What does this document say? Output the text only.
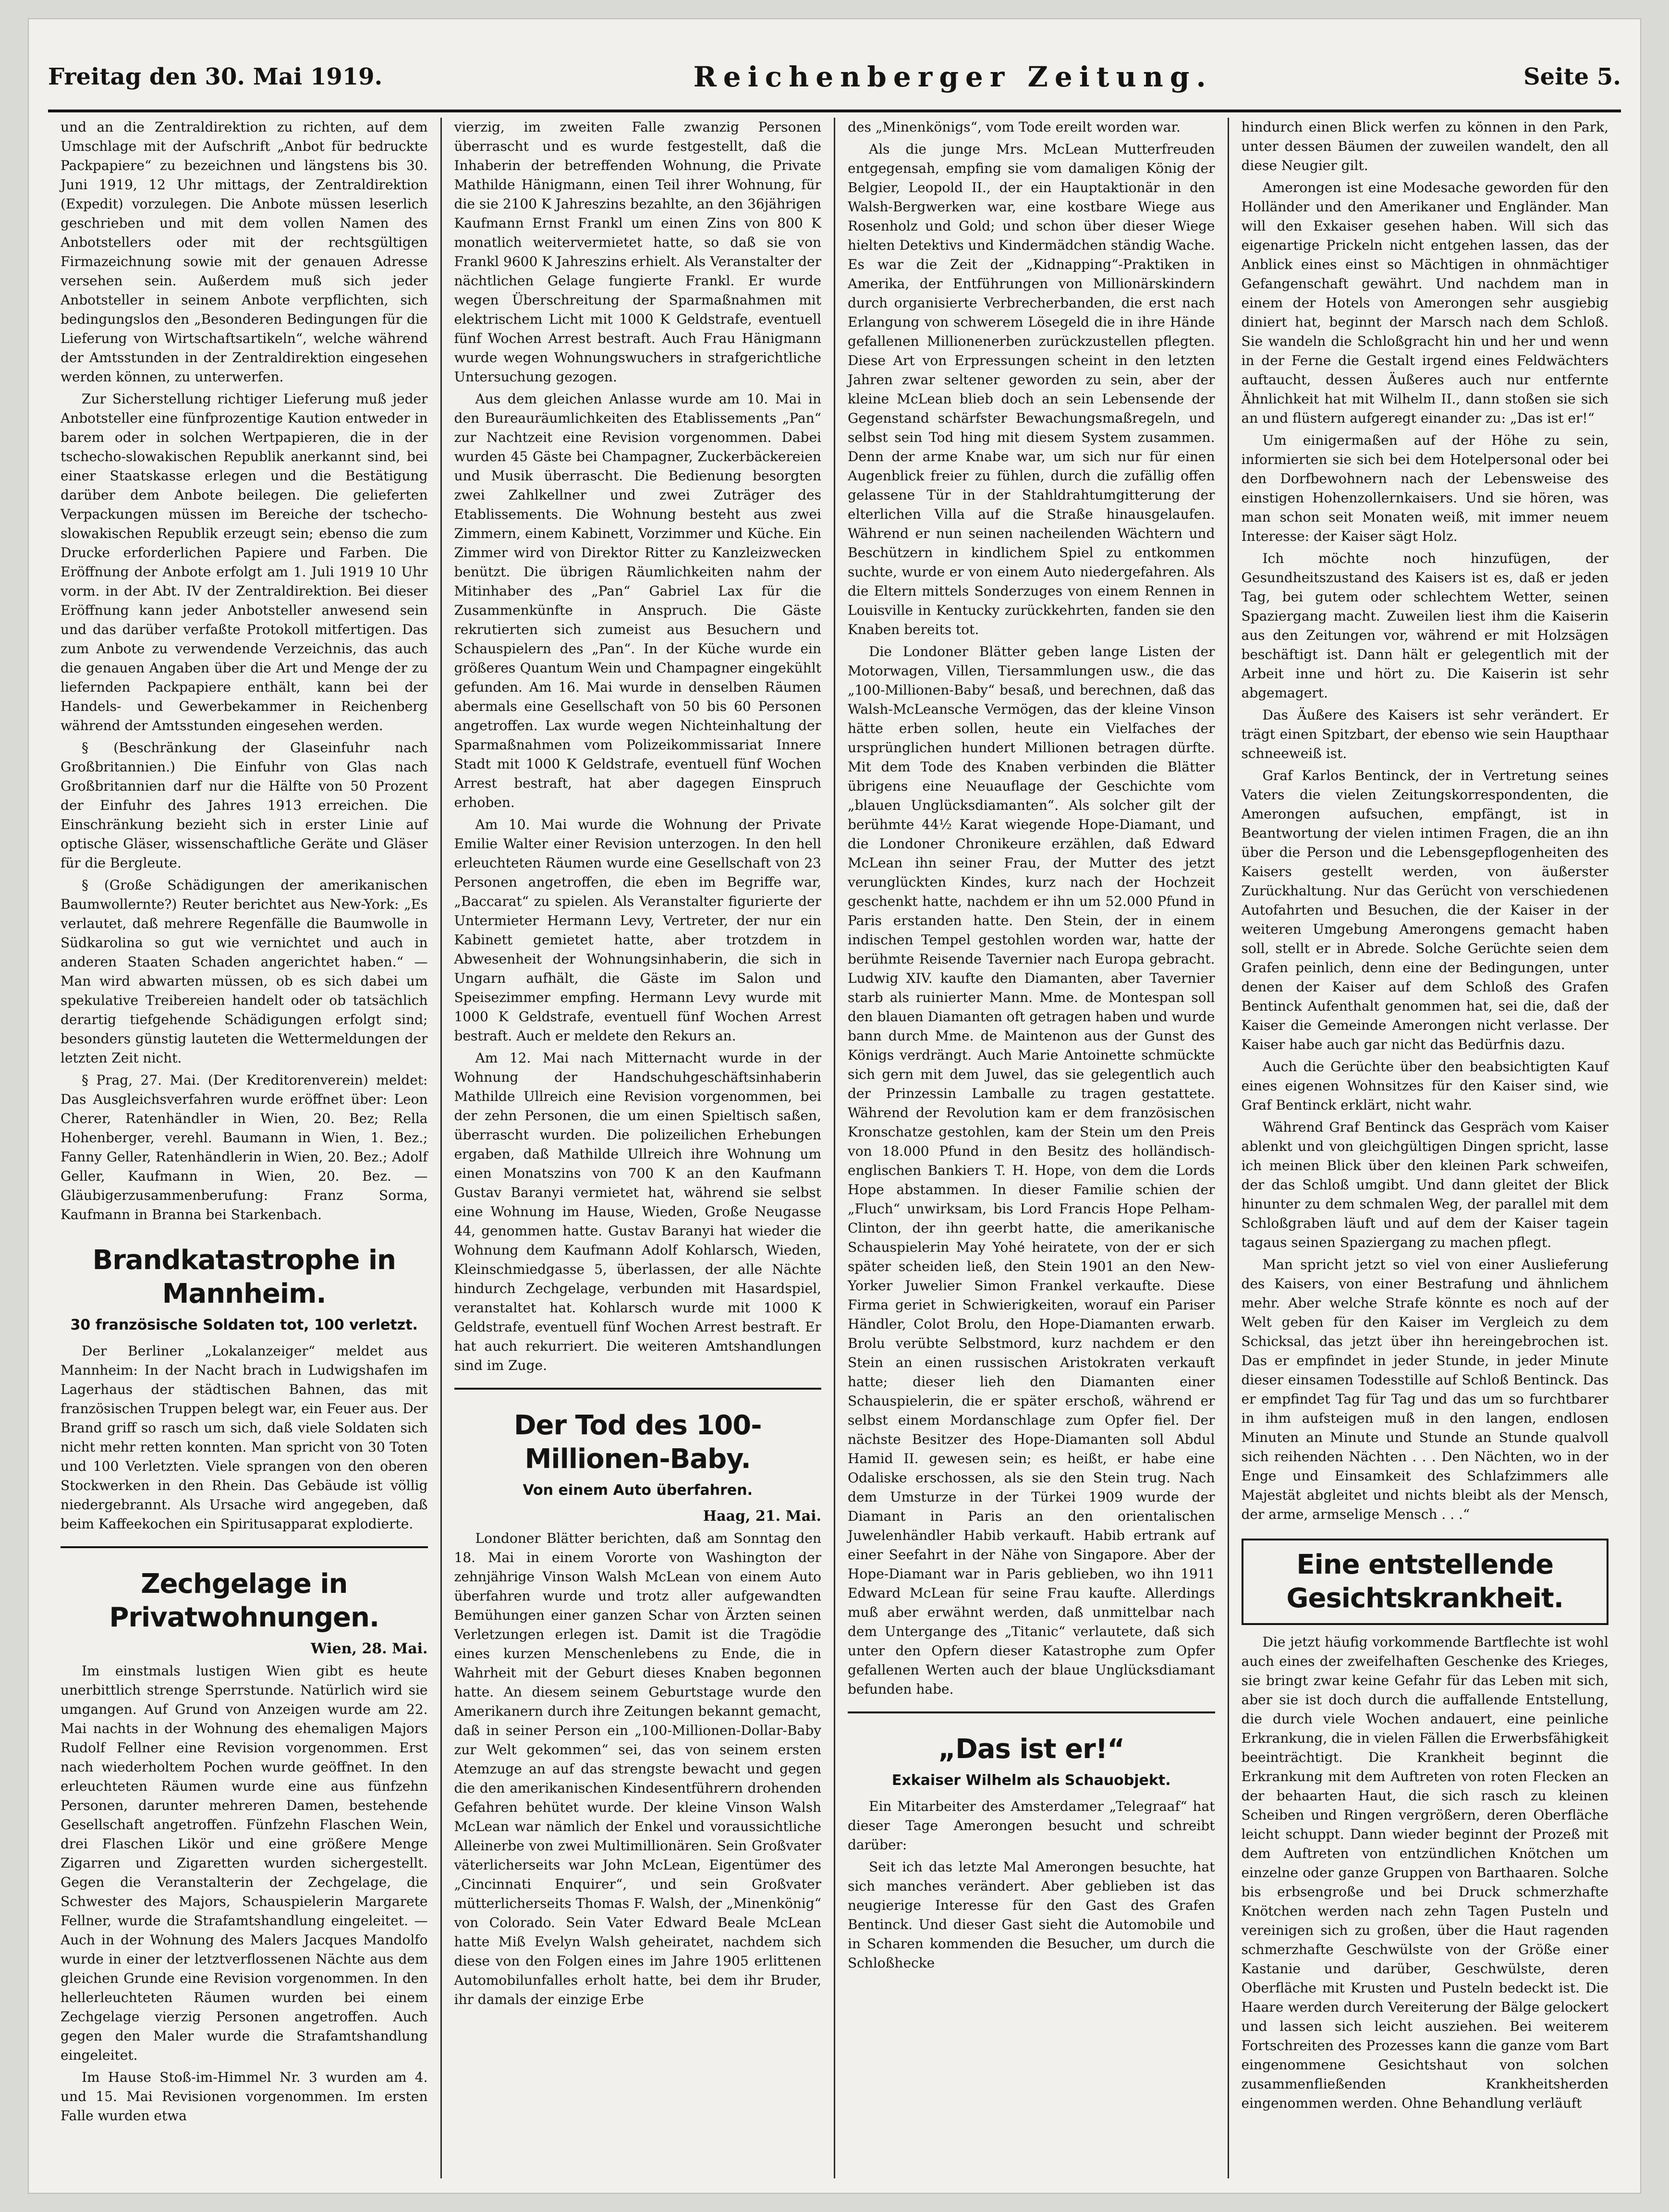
Freitag den 30. Mai 1919.	Reichenberger Zeitung.	Seite 5.

und an die Zentraldirektion zu richten, auf dem Umschlage mit der Aufschrift „Anbot für bedruckte Packpapiere“ zu bezeichnen und längstens bis 30. Juni 1919, 12 Uhr mittags, der Zentraldirektion (Expedit) vorzulegen. Die Anbote müssen leserlich geschrieben und mit dem vollen Namen des Anbotstellers oder mit der rechtsgültigen Firmazeichnung sowie mit der genauen Adresse versehen sein. Außerdem muß sich jeder Anbotsteller in seinem Anbote verpflichten, sich bedingungslos den „Besonderen Bedingungen für die Lieferung von Wirtschaftsartikeln“, welche während der Amtsstunden in der Zentraldirektion eingesehen werden können, zu unterwerfen.

Zur Sicherstellung richtiger Lieferung muß jeder Anbotsteller eine fünfprozentige Kaution entweder in barem oder in solchen Wertpapieren, die in der tschecho-slowakischen Republik anerkannt sind, bei einer Staatskasse erlegen und die Bestätigung darüber dem Anbote beilegen. Die gelieferten Verpackungen müssen im Bereiche der tschecho-slowakischen Republik erzeugt sein; ebenso die zum Drucke erforderlichen Papiere und Farben. Die Eröffnung der Anbote erfolgt am 1. Juli 1919 10 Uhr vorm. in der Abt. IV der Zentraldirektion. Bei dieser Eröffnung kann jeder Anbotsteller anwesend sein und das darüber verfaßte Protokoll mitfertigen. Das zum Anbote zu verwendende Verzeichnis, das auch die genauen Angaben über die Art und Menge der zu liefernden Packpapiere enthält, kann bei der Handels- und Gewerbekammer in Reichenberg während der Amtsstunden eingesehen werden.

§ (Beschränkung der Glaseinfuhr nach Großbritannien.) Die Einfuhr von Glas nach Großbritannien darf nur die Hälfte von 50 Prozent der Einfuhr des Jahres 1913 erreichen. Die Einschränkung bezieht sich in erster Linie auf optische Gläser, wissenschaftliche Geräte und Gläser für die Bergleute.

§ (Große Schädigungen der amerikanischen Baumwollernte?) Reuter berichtet aus New-York: „Es verlautet, daß mehrere Regenfälle die Baumwolle in Südkarolina so gut wie vernichtet und auch in anderen Staaten Schaden angerichtet haben.“ — Man wird abwarten müssen, ob es sich dabei um spekulative Treibereien handelt oder ob tatsächlich derartig tiefgehende Schädigungen erfolgt sind; besonders günstig lauteten die Wettermeldungen der letzten Zeit nicht.

§ Prag, 27. Mai. (Der Kreditorenverein) meldet: Das Ausgleichsverfahren wurde eröffnet über: Leon Cherer, Ratenhändler in Wien, 20. Bez; Rella Hohenberger, verehl. Baumann in Wien, 1. Bez.; Fanny Geller, Ratenhändlerin in Wien, 20. Bez.; Adolf Geller, Kaufmann in Wien, 20. Bez. — Gläubigerzusammenberufung: Franz Sorma, Kaufmann in Branna bei Starkenbach.

Brandkatastrophe in Mannheim.
30 französische Soldaten tot, 100 verletzt.

Der Berliner „Lokalanzeiger“ meldet aus Mannheim: In der Nacht brach in Ludwigshafen im Lagerhaus der städtischen Bahnen, das mit französischen Truppen belegt war, ein Feuer aus. Der Brand griff so rasch um sich, daß viele Soldaten sich nicht mehr retten konnten. Man spricht von 30 Toten und 100 Verletzten. Viele sprangen von den oberen Stockwerken in den Rhein. Das Gebäude ist völlig niedergebrannt. Als Ursache wird angegeben, daß beim Kaffeekochen ein Spiritusapparat explodierte.

Zechgelage in Privatwohnungen.
Wien, 28. Mai.

Im einstmals lustigen Wien gibt es heute unerbittlich strenge Sperrstunde. Natürlich wird sie umgangen. Auf Grund von Anzeigen wurde am 22. Mai nachts in der Wohnung des ehemaligen Majors Rudolf Fellner eine Revision vorgenommen. Erst nach wiederholtem Pochen wurde geöffnet. In den erleuchteten Räumen wurde eine aus fünfzehn Personen, darunter mehreren Damen, bestehende Gesellschaft angetroffen. Fünfzehn Flaschen Wein, drei Flaschen Likör und eine größere Menge Zigarren und Zigaretten wurden sichergestellt. Gegen die Veranstalterin der Zechgelage, die Schwester des Majors, Schauspielerin Margarete Fellner, wurde die Strafamtshandlung eingeleitet. — Auch in der Wohnung des Malers Jacques Mandolfo wurde in einer der letztverflossenen Nächte aus dem gleichen Grunde eine Revision vorgenommen. In den hellerleuchteten Räumen wurden bei einem Zechgelage vierzig Personen angetroffen. Auch gegen den Maler wurde die Strafamtshandlung eingeleitet.

Im Hause Stoß-im-Himmel Nr. 3 wurden am 4. und 15. Mai Revisionen vorgenommen. Im ersten Falle wurden etwa

vierzig, im zweiten Falle zwanzig Personen überrascht und es wurde festgestellt, daß die Inhaberin der betreffenden Wohnung, die Private Mathilde Hänigmann, einen Teil ihrer Wohnung, für die sie 2100 K Jahreszins bezahlte, an den 36jährigen Kaufmann Ernst Frankl um einen Zins von 800 K monatlich weitervermietet hatte, so daß sie von Frankl 9600 K Jahreszins erhielt. Als Veranstalter der nächtlichen Gelage fungierte Frankl. Er wurde wegen Überschreitung der Sparmaßnahmen mit elektrischem Licht mit 1000 K Geldstrafe, eventuell fünf Wochen Arrest bestraft. Auch Frau Hänigmann wurde wegen Wohnungswuchers in strafgerichtliche Untersuchung gezogen.

Aus dem gleichen Anlasse wurde am 10. Mai in den Bureauräumlichkeiten des Etablissements „Pan“ zur Nachtzeit eine Revision vorgenommen. Dabei wurden 45 Gäste bei Champagner, Zuckerbäckereien und Musik überrascht. Die Bedienung besorgten zwei Zahlkellner und zwei Zuträger des Etablissements. Die Wohnung besteht aus zwei Zimmern, einem Kabinett, Vorzimmer und Küche. Ein Zimmer wird von Direktor Ritter zu Kanzleizwecken benützt. Die übrigen Räumlichkeiten nahm der Mitinhaber des „Pan“ Gabriel Lax für die Zusammenkünfte in Anspruch. Die Gäste rekrutierten sich zumeist aus Besuchern und Schauspielern des „Pan“. In der Küche wurde ein größeres Quantum Wein und Champagner eingekühlt gefunden. Am 16. Mai wurde in denselben Räumen abermals eine Gesellschaft von 50 bis 60 Personen angetroffen. Lax wurde wegen Nichteinhaltung der Sparmaßnahmen vom Polizeikommissariat Innere Stadt mit 1000 K Geldstrafe, eventuell fünf Wochen Arrest bestraft, hat aber dagegen Einspruch erhoben.

Am 10. Mai wurde die Wohnung der Private Emilie Walter einer Revision unterzogen. In den hell erleuchteten Räumen wurde eine Gesellschaft von 23 Personen angetroffen, die eben im Begriffe war, „Baccarat“ zu spielen. Als Veranstalter figurierte der Untermieter Hermann Levy, Vertreter, der nur ein Kabinett gemietet hatte, aber trotzdem in Abwesenheit der Wohnungsinhaberin, die sich in Ungarn aufhält, die Gäste im Salon und Speisezimmer empfing. Hermann Levy wurde mit 1000 K Geldstrafe, eventuell fünf Wochen Arrest bestraft. Auch er meldete den Rekurs an.

Am 12. Mai nach Mitternacht wurde in der Wohnung der Handschuhgeschäftsinhaberin Mathilde Ullreich eine Revision vorgenommen, bei der zehn Personen, die um einen Spieltisch saßen, überrascht wurden. Die polizeilichen Erhebungen ergaben, daß Mathilde Ullreich ihre Wohnung um einen Monatszins von 700 K an den Kaufmann Gustav Baranyi vermietet hat, während sie selbst eine Wohnung im Hause, Wieden, Große Neugasse 44, genommen hatte. Gustav Baranyi hat wieder die Wohnung dem Kaufmann Adolf Kohlarsch, Wieden, Kleinschmiedgasse 5, überlassen, der alle Nächte hindurch Zechgelage, verbunden mit Hasardspiel, veranstaltet hat. Kohlarsch wurde mit 1000 K Geldstrafe, eventuell fünf Wochen Arrest bestraft. Er hat auch rekurriert. Die weiteren Amtshandlungen sind im Zuge.

Der Tod des 100-Millionen-Baby.
Von einem Auto überfahren.
Haag, 21. Mai.

Londoner Blätter berichten, daß am Sonntag den 18. Mai in einem Vororte von Washington der zehnjährige Vinson Walsh McLean von einem Auto überfahren wurde und trotz aller aufgewandten Bemühungen einer ganzen Schar von Ärzten seinen Verletzungen erlegen ist. Damit ist die Tragödie eines kurzen Menschenlebens zu Ende, die in Wahrheit mit der Geburt dieses Knaben begonnen hatte. An diesem seinem Geburtstage wurde den Amerikanern durch ihre Zeitungen bekannt gemacht, daß in seiner Person ein „100-Millionen-Dollar-Baby zur Welt gekommen“ sei, das von seinem ersten Atemzuge an auf das strengste bewacht und gegen die den amerikanischen Kindesentführern drohenden Gefahren behütet wurde. Der kleine Vinson Walsh McLean war nämlich der Enkel und voraussichtliche Alleinerbe von zwei Multimillionären. Sein Großvater väterlicherseits war John McLean, Eigentümer des „Cincinnati Enquirer“, und sein Großvater mütterlicherseits Thomas F. Walsh, der „Minenkönig“ von Colorado. Sein Vater Edward Beale McLean hatte Miß Evelyn Walsh geheiratet, nachdem sich diese von den Folgen eines im Jahre 1905 erlittenen Automobilunfalles erholt hatte, bei dem ihr Bruder, ihr damals der einzige Erbe

des „Minenkönigs“, vom Tode ereilt worden war.

Als die junge Mrs. McLean Mutterfreuden entgegensah, empfing sie vom damaligen König der Belgier, Leopold II., der ein Hauptaktionär in den Walsh-Bergwerken war, eine kostbare Wiege aus Rosenholz und Gold; und schon über dieser Wiege hielten Detektivs und Kindermädchen ständig Wache. Es war die Zeit der „Kidnapping“-Praktiken in Amerika, der Entführungen von Millionärskindern durch organisierte Verbrecherbanden, die erst nach Erlangung von schwerem Lösegeld die in ihre Hände gefallenen Millionenerben zurückzustellen pflegten. Diese Art von Erpressungen scheint in den letzten Jahren zwar seltener geworden zu sein, aber der kleine McLean blieb doch an sein Lebensende der Gegenstand schärfster Bewachungsmaßregeln, und selbst sein Tod hing mit diesem System zusammen. Denn der arme Knabe war, um sich nur für einen Augenblick freier zu fühlen, durch die zufällig offen gelassene Tür in der Stahldrahtumgitterung der elterlichen Villa auf die Straße hinausgelaufen. Während er nun seinen nacheilenden Wächtern und Beschützern in kindlichem Spiel zu entkommen suchte, wurde er von einem Auto niedergefahren. Als die Eltern mittels Sonderzuges von einem Rennen in Louisville in Kentucky zurückkehrten, fanden sie den Knaben bereits tot.

Die Londoner Blätter geben lange Listen der Motorwagen, Villen, Tiersammlungen usw., die das „100-Millionen-Baby“ besaß, und berechnen, daß das Walsh-McLeansche Vermögen, das der kleine Vinson hätte erben sollen, heute ein Vielfaches der ursprünglichen hundert Millionen betragen dürfte. Mit dem Tode des Knaben verbinden die Blätter übrigens eine Neuauflage der Geschichte vom „blauen Unglücksdiamanten“. Als solcher gilt der berühmte 44½ Karat wiegende Hope-Diamant, und die Londoner Chronikeure erzählen, daß Edward McLean ihn seiner Frau, der Mutter des jetzt verunglückten Kindes, kurz nach der Hochzeit geschenkt hatte, nachdem er ihn um 52.000 Pfund in Paris erstanden hatte. Den Stein, der in einem indischen Tempel gestohlen worden war, hatte der berühmte Reisende Tavernier nach Europa gebracht. Ludwig XIV. kaufte den Diamanten, aber Tavernier starb als ruinierter Mann. Mme. de Montespan soll den blauen Diamanten oft getragen haben und wurde bann durch Mme. de Maintenon aus der Gunst des Königs verdrängt. Auch Marie Antoinette schmückte sich gern mit dem Juwel, das sie gelegentlich auch der Prinzessin Lamballe zu tragen gestattete. Während der Revolution kam er dem französischen Kronschatze gestohlen, kam der Stein um den Preis von 18.000 Pfund in den Besitz des holländisch-englischen Bankiers T. H. Hope, von dem die Lords Hope abstammen. In dieser Familie schien der „Fluch“ unwirksam, bis Lord Francis Hope Pelham-Clinton, der ihn geerbt hatte, die amerikanische Schauspielerin May Yohé heiratete, von der er sich später scheiden ließ, den Stein 1901 an den New-Yorker Juwelier Simon Frankel verkaufte. Diese Firma geriet in Schwierigkeiten, worauf ein Pariser Händler, Colot Brolu, den Hope-Diamanten erwarb. Brolu verübte Selbstmord, kurz nachdem er den Stein an einen russischen Aristokraten verkauft hatte; dieser lieh den Diamanten einer Schauspielerin, die er später erschoß, während er selbst einem Mordanschlage zum Opfer fiel. Der nächste Besitzer des Hope-Diamanten soll Abdul Hamid II. gewesen sein; es heißt, er habe eine Odaliske erschossen, als sie den Stein trug. Nach dem Umsturze in der Türkei 1909 wurde der Diamant in Paris an den orientalischen Juwelenhändler Habib verkauft. Habib ertrank auf einer Seefahrt in der Nähe von Singapore. Aber der Hope-Diamant war in Paris geblieben, wo ihn 1911 Edward McLean für seine Frau kaufte. Allerdings muß aber erwähnt werden, daß unmittelbar nach dem Untergange des „Titanic“ verlautete, daß sich unter den Opfern dieser Katastrophe zum Opfer gefallenen Werten auch der blaue Unglücksdiamant befunden habe.

„Das ist er!“
Exkaiser Wilhelm als Schauobjekt.

Ein Mitarbeiter des Amsterdamer „Telegraaf“ hat dieser Tage Amerongen besucht und schreibt darüber:

Seit ich das letzte Mal Amerongen besuchte, hat sich manches verändert. Aber geblieben ist das neugierige Interesse für den Gast des Grafen Bentinck. Und dieser Gast sieht die Automobile und in Scharen kommenden die Besucher, um durch die Schloßhecke

hindurch einen Blick werfen zu können in den Park, unter dessen Bäumen der zuweilen wandelt, den all diese Neugier gilt.

Amerongen ist eine Modesache geworden für den Holländer und den Amerikaner und Engländer. Man will den Exkaiser gesehen haben. Will sich das eigenartige Prickeln nicht entgehen lassen, das der Anblick eines einst so Mächtigen in ohnmächtiger Gefangenschaft gewährt. Und nachdem man in einem der Hotels von Amerongen sehr ausgiebig diniert hat, beginnt der Marsch nach dem Schloß. Sie wandeln die Schloßgracht hin und her und wenn in der Ferne die Gestalt irgend eines Feldwächters auftaucht, dessen Äußeres auch nur entfernte Ähnlichkeit hat mit Wilhelm II., dann stoßen sie sich an und flüstern aufgeregt einander zu: „Das ist er!“

Um einigermaßen auf der Höhe zu sein, informierten sie sich bei dem Hotelpersonal oder bei den Dorfbewohnern nach der Lebensweise des einstigen Hohenzollernkaisers. Und sie hören, was man schon seit Monaten weiß, mit immer neuem Interesse: der Kaiser sägt Holz.

Ich möchte noch hinzufügen, der Gesundheitszustand des Kaisers ist es, daß er jeden Tag, bei gutem oder schlechtem Wetter, seinen Spaziergang macht. Zuweilen liest ihm die Kaiserin aus den Zeitungen vor, während er mit Holzsägen beschäftigt ist. Dann hält er gelegentlich mit der Arbeit inne und hört zu. Die Kaiserin ist sehr abgemagert.

Das Äußere des Kaisers ist sehr verändert. Er trägt einen Spitzbart, der ebenso wie sein Haupthaar schneeweiß ist.

Graf Karlos Bentinck, der in Vertretung seines Vaters die vielen Zeitungskorrespondenten, die Amerongen aufsuchen, empfängt, ist in Beantwortung der vielen intimen Fragen, die an ihn über die Person und die Lebensgepflogenheiten des Kaisers gestellt werden, von äußerster Zurückhaltung. Nur das Gerücht von verschiedenen Autofahrten und Besuchen, die der Kaiser in der weiteren Umgebung Amerongens gemacht haben soll, stellt er in Abrede. Solche Gerüchte seien dem Grafen peinlich, denn eine der Bedingungen, unter denen der Kaiser auf dem Schloß des Grafen Bentinck Aufenthalt genommen hat, sei die, daß der Kaiser die Gemeinde Amerongen nicht verlasse. Der Kaiser habe auch gar nicht das Bedürfnis dazu.

Auch die Gerüchte über den beabsichtigten Kauf eines eigenen Wohnsitzes für den Kaiser sind, wie Graf Bentinck erklärt, nicht wahr.

Während Graf Bentinck das Gespräch vom Kaiser ablenkt und von gleichgültigen Dingen spricht, lasse ich meinen Blick über den kleinen Park schweifen, der das Schloß umgibt. Und dann gleitet der Blick hinunter zu dem schmalen Weg, der parallel mit dem Schloßgraben läuft und auf dem der Kaiser tagein tagaus seinen Spaziergang zu machen pflegt.

Man spricht jetzt so viel von einer Auslieferung des Kaisers, von einer Bestrafung und ähnlichem mehr. Aber welche Strafe könnte es noch auf der Welt geben für den Kaiser im Vergleich zu dem Schicksal, das jetzt über ihn hereingebrochen ist. Das er empfindet in jeder Stunde, in jeder Minute dieser einsamen Todesstille auf Schloß Bentinck. Das er empfindet Tag für Tag und das um so furchtbarer in ihm aufsteigen muß in den langen, endlosen Minuten an Minute und Stunde an Stunde qualvoll sich reihenden Nächten . . . Den Nächten, wo in der Enge und Einsamkeit des Schlafzimmers alle Majestät abgleitet und nichts bleibt als der Mensch, der arme, armselige Mensch . . .“

Eine entstellende Gesichtskrankheit.

Die jetzt häufig vorkommende Bartflechte ist wohl auch eines der zweifelhaften Geschenke des Krieges, sie bringt zwar keine Gefahr für das Leben mit sich, aber sie ist doch durch die auffallende Entstellung, die durch viele Wochen andauert, eine peinliche Erkrankung, die in vielen Fällen die Erwerbsfähigkeit beeinträchtigt. Die Krankheit beginnt die Erkrankung mit dem Auftreten von roten Flecken an der behaarten Haut, die sich rasch zu kleinen Scheiben und Ringen vergrößern, deren Oberfläche leicht schuppt. Dann wieder beginnt der Prozeß mit dem Auftreten von entzündlichen Knötchen um einzelne oder ganze Gruppen von Barthaaren. Solche bis erbsengroße und bei Druck schmerzhafte Knötchen werden nach zehn Tagen Pusteln und vereinigen sich zu großen, über die Haut ragenden schmerzhafte Geschwülste von der Größe einer Kastanie und darüber, Geschwülste, deren Oberfläche mit Krusten und Pusteln bedeckt ist. Die Haare werden durch Vereiterung der Bälge gelockert und lassen sich leicht ausziehen. Bei weiterem Fortschreiten des Prozesses kann die ganze vom Bart eingenommene Gesichtshaut von solchen zusammenfließenden Krankheitsherden eingenommen werden. Ohne Behandlung verläuft
